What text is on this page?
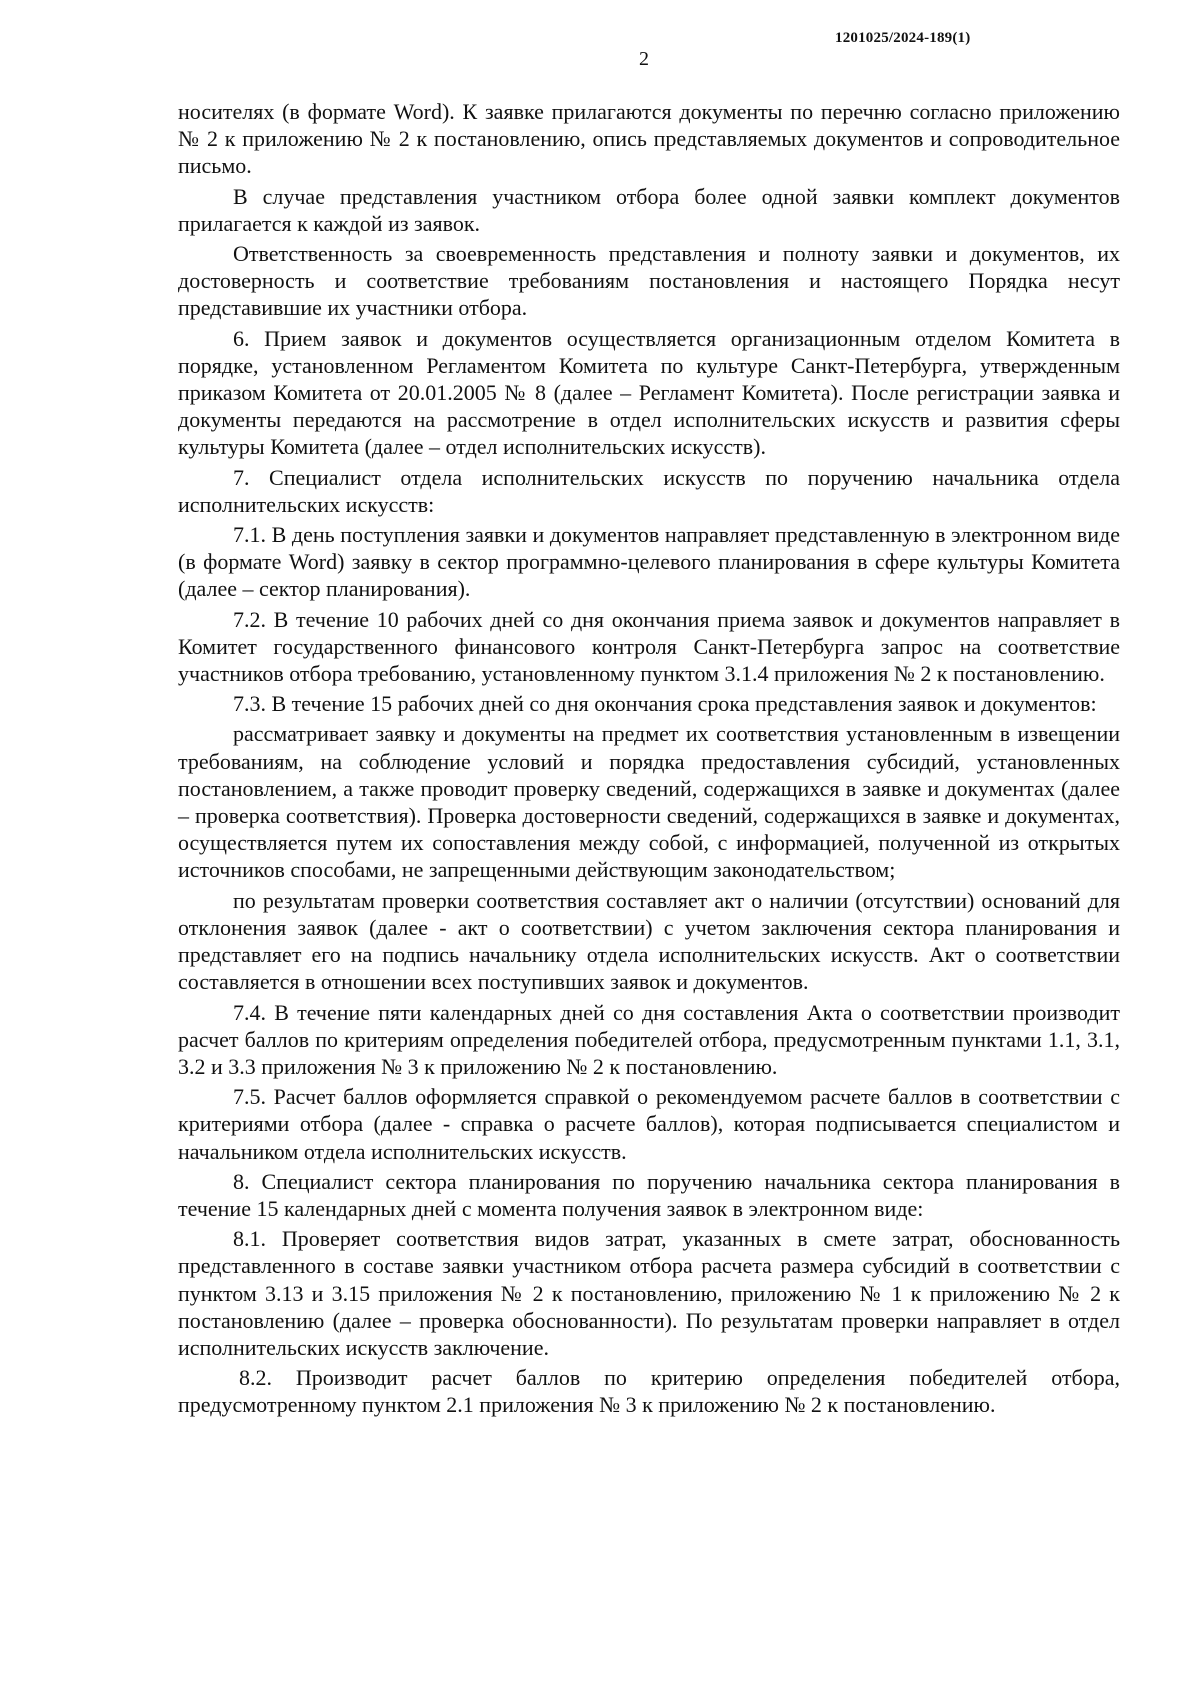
1201025/2024-189(1)
2

носителях (в формате Word). К заявке прилагаются документы по перечню согласно приложению № 2 к приложению № 2 к постановлению, опись представляемых документов и сопроводительное письмо.

В случае представления участником отбора более одной заявки комплект документов прилагается к каждой из заявок.

Ответственность за своевременность представления и полноту заявки и документов, их достоверность и соответствие требованиям постановления и настоящего Порядка несут представившие их участники отбора.

6. Прием заявок и документов осуществляется организационным отделом Комитета в порядке, установленном Регламентом Комитета по культуре Санкт-Петербурга, утвержденным приказом Комитета от 20.01.2005 № 8 (далее – Регламент Комитета). После регистрации заявка и документы передаются на рассмотрение в отдел исполнительских искусств и развития сферы культуры Комитета (далее – отдел исполнительских искусств).

7. Специалист отдела исполнительских искусств по поручению начальника отдела исполнительских искусств:

7.1. В день поступления заявки и документов направляет представленную в электронном виде (в формате Word) заявку в сектор программно-целевого планирования в сфере культуры Комитета (далее – сектор планирования).

7.2. В течение 10 рабочих дней со дня окончания приема заявок и документов направляет в Комитет государственного финансового контроля Санкт-Петербурга запрос на соответствие участников отбора требованию, установленному пунктом 3.1.4 приложения № 2 к постановлению.

7.3. В течение 15 рабочих дней со дня окончания срока представления заявок и документов:

рассматривает заявку и документы на предмет их соответствия установленным в извещении требованиям, на соблюдение условий и порядка предоставления субсидий, установленных постановлением, а также проводит проверку сведений, содержащихся в заявке и документах (далее – проверка соответствия). Проверка достоверности сведений, содержащихся в заявке и документах, осуществляется путем их сопоставления между собой, с информацией, полученной из открытых источников способами, не запрещенными действующим законодательством;

по результатам проверки соответствия составляет акт о наличии (отсутствии) оснований для отклонения заявок (далее - акт о соответствии) с учетом заключения сектора планирования и представляет его на подпись начальнику отдела исполнительских искусств. Акт о соответствии составляется в отношении всех поступивших заявок и документов.

7.4. В течение пяти календарных дней со дня составления Акта о соответствии производит расчет баллов по критериям определения победителей отбора, предусмотренным пунктами 1.1, 3.1, 3.2 и 3.3 приложения № 3 к приложению № 2 к постановлению.

7.5. Расчет баллов оформляется справкой о рекомендуемом расчете баллов в соответствии с критериями отбора (далее - справка о расчете баллов), которая подписывается специалистом и начальником отдела исполнительских искусств.

8. Специалист сектора планирования по поручению начальника сектора планирования в течение 15 календарных дней с момента получения заявок в электронном виде:

8.1. Проверяет соответствия видов затрат, указанных в смете затрат, обоснованность представленного в составе заявки участником отбора расчета размера субсидий в соответствии с пунктом 3.13 и 3.15 приложения № 2 к постановлению, приложению № 1 к приложению № 2 к постановлению (далее – проверка обоснованности). По результатам проверки направляет в отдел исполнительских искусств заключение.

8.2. Производит расчет баллов по критерию определения победителей отбора, предусмотренному пунктом 2.1 приложения № 3 к приложению № 2 к постановлению.
